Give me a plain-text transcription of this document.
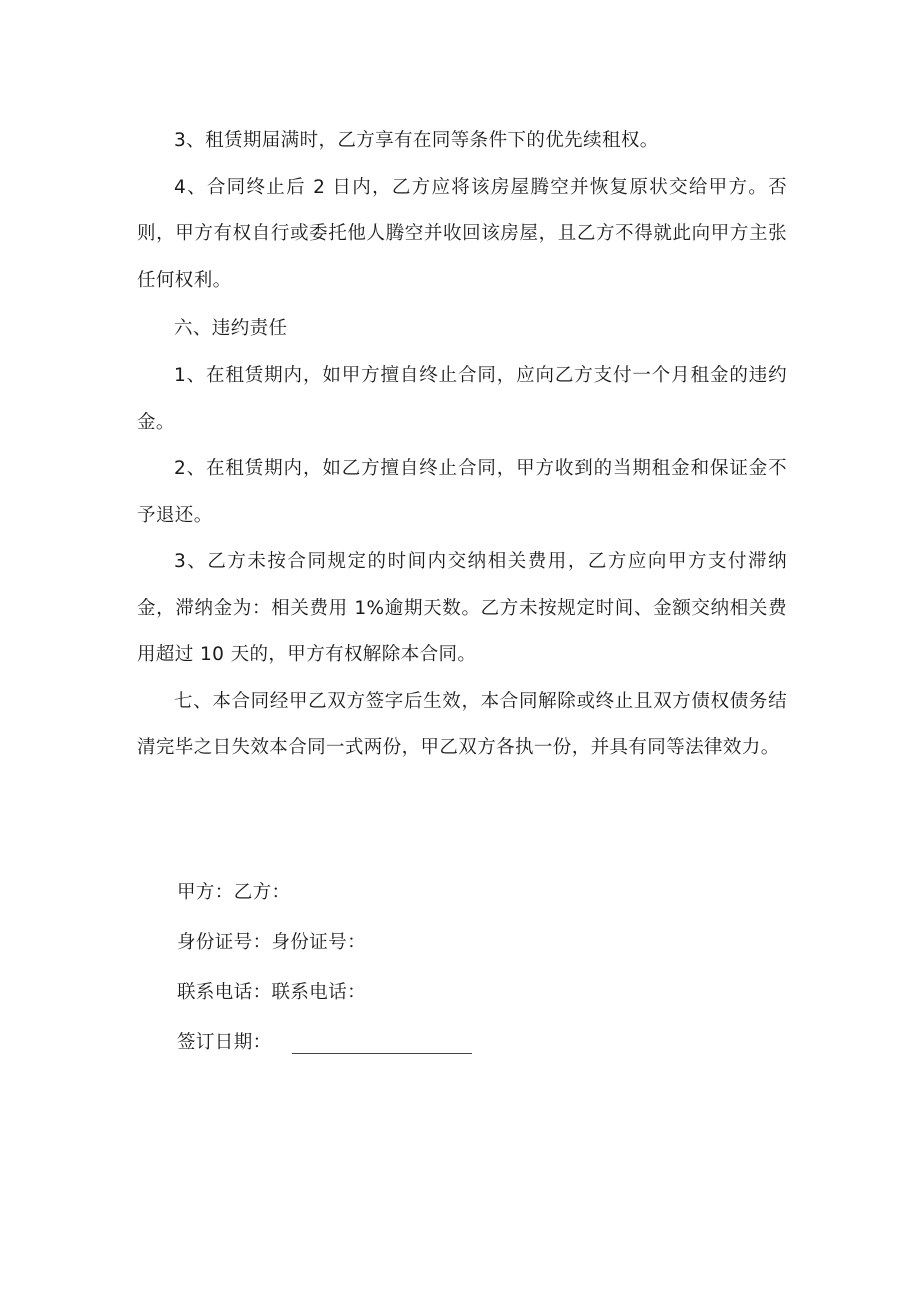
3、租赁期届满时，乙方享有在同等条件下的优先续租权。

4、合同终止后 2 日内，乙方应将该房屋腾空并恢复原状交给甲方。否则，甲方有权自行或委托他人腾空并收回该房屋，且乙方不得就此向甲方主张任何权利。

六、违约责任

1、在租赁期内，如甲方擅自终止合同，应向乙方支付一个月租金的违约金。

2、在租赁期内，如乙方擅自终止合同，甲方收到的当期租金和保证金不予退还。

3、乙方未按合同规定的时间内交纳相关费用，乙方应向甲方支付滞纳金，滞纳金为：相关费用 1%逾期天数。乙方未按规定时间、金额交纳相关费用超过 10 天的，甲方有权解除本合同。

七、本合同经甲乙双方签字后生效，本合同解除或终止且双方债权债务结清完毕之日失效本合同一式两份，甲乙双方各执一份，并具有同等法律效力。

甲方：乙方：
身份证号：身份证号：
联系电话：联系电话：
签订日期：
